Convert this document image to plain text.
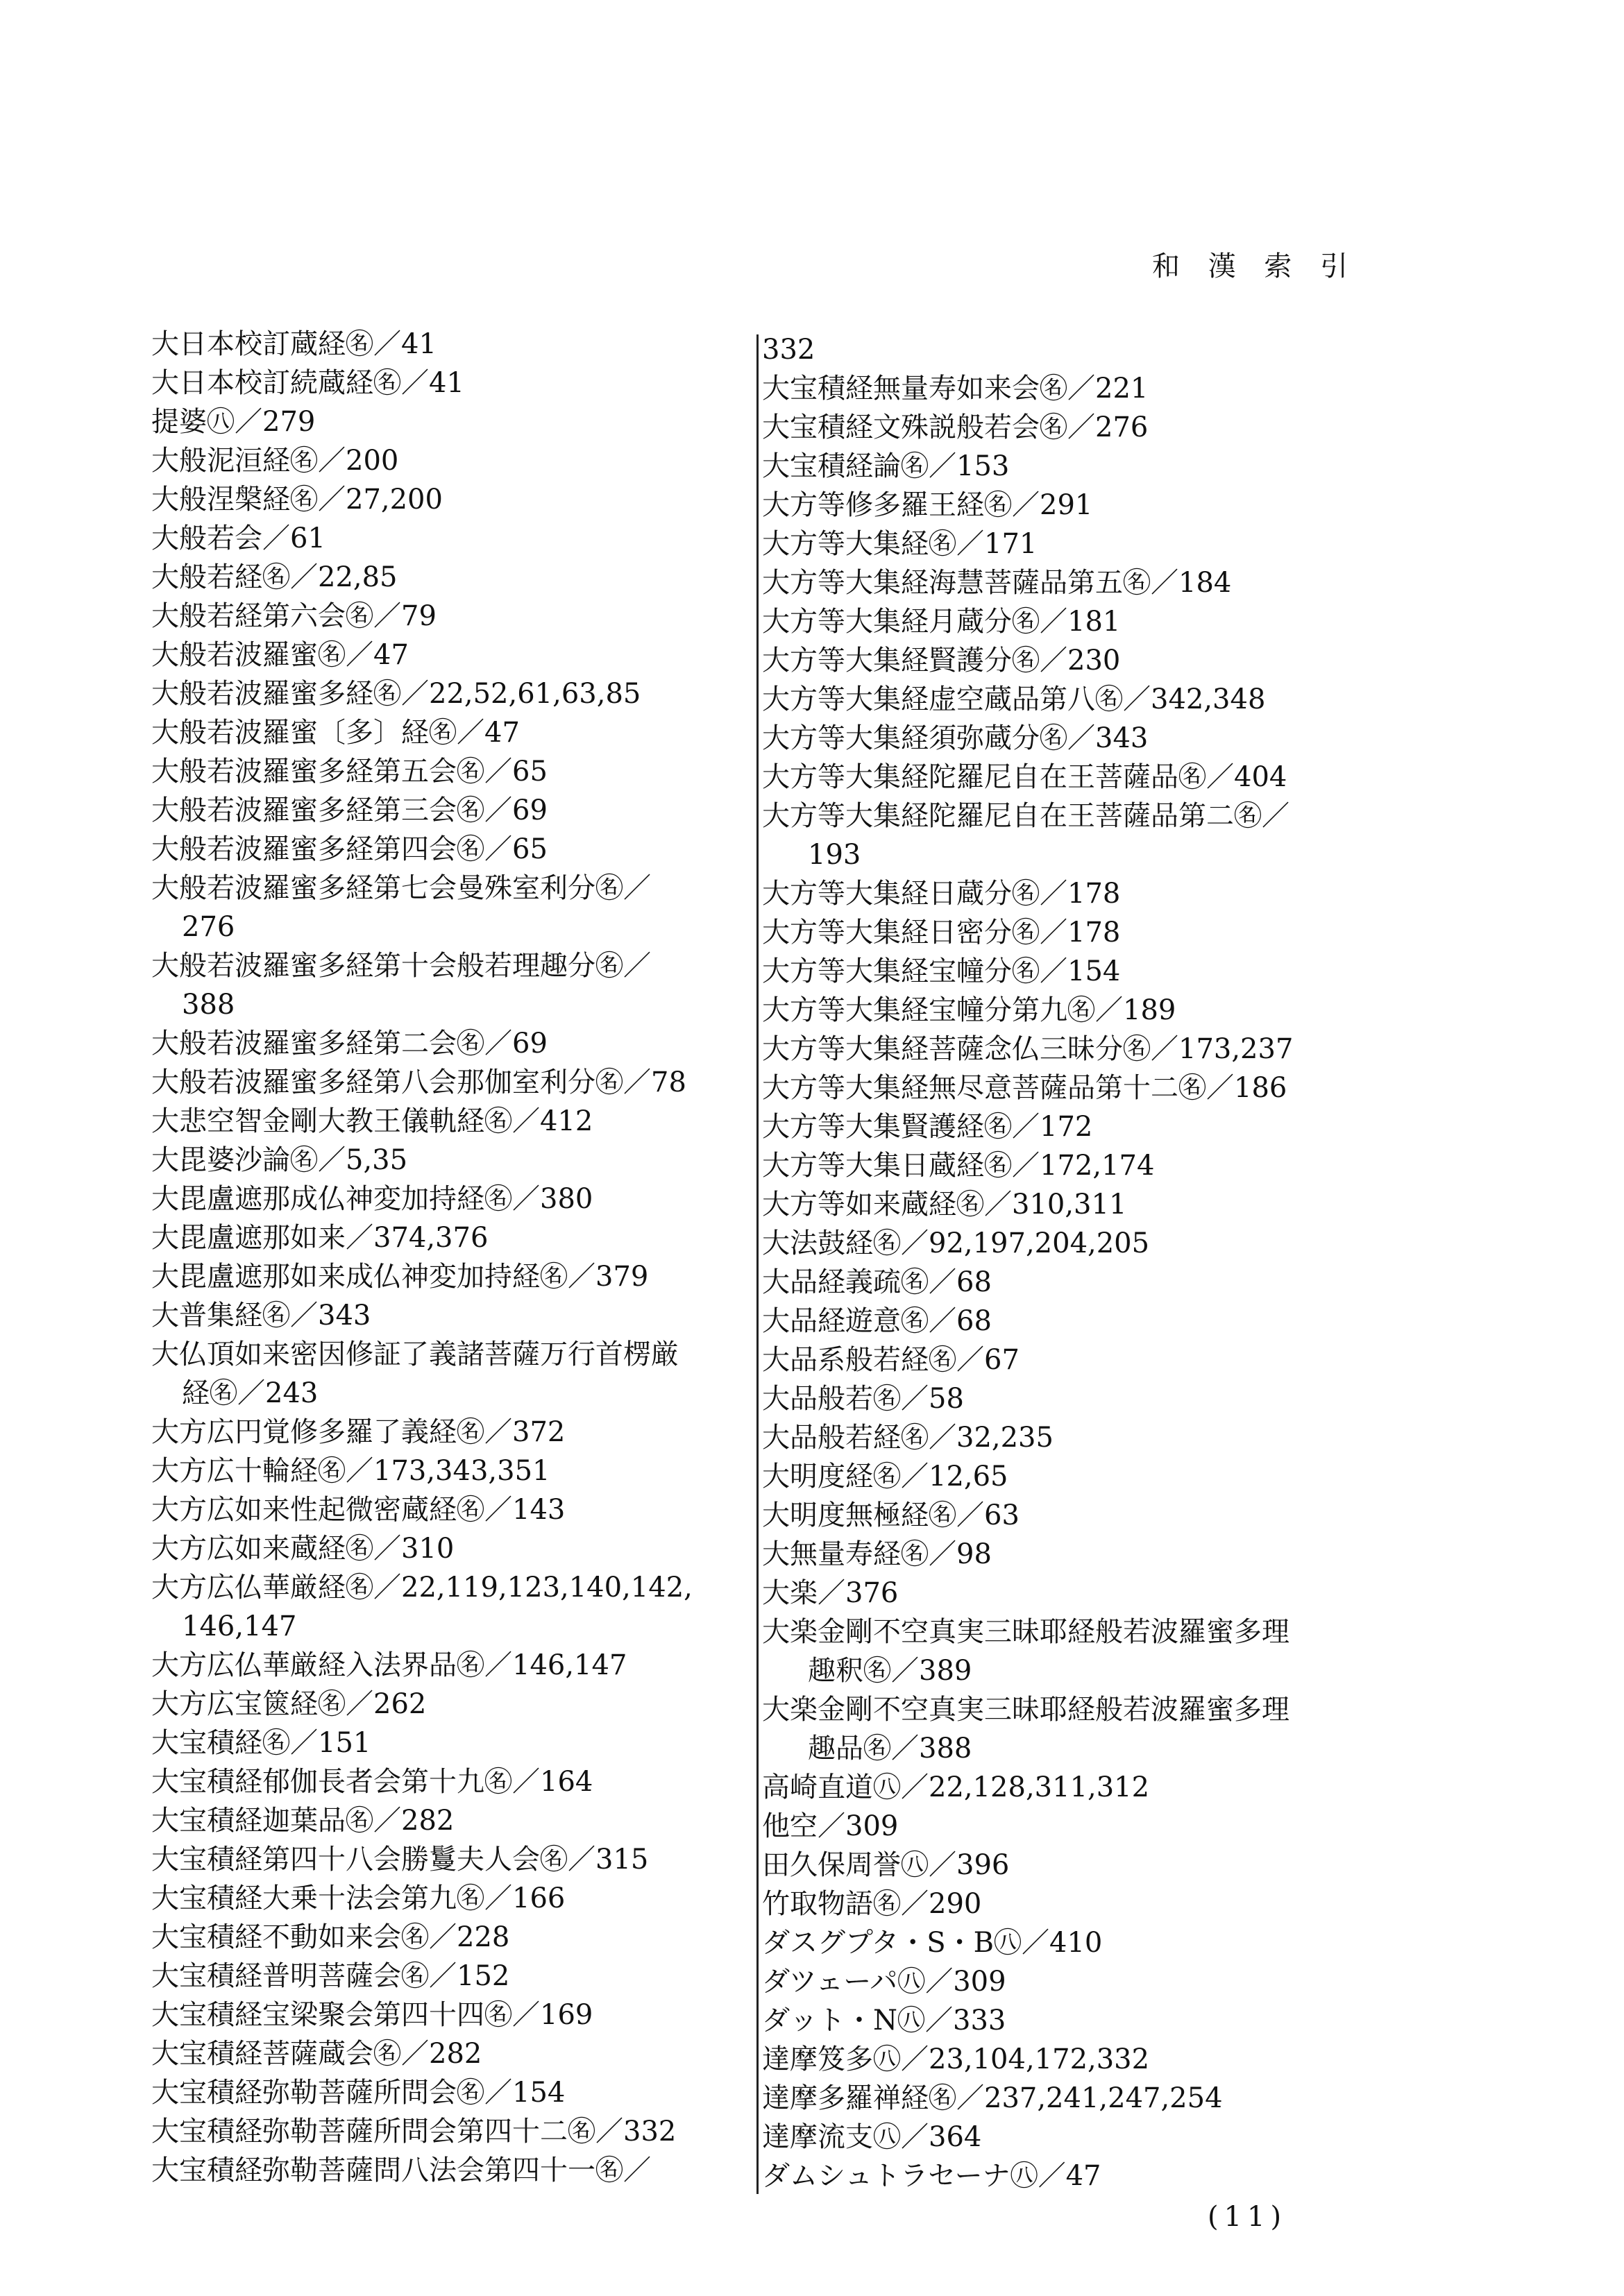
和 漢 索 引
大日本校訂蔵経㊔／41
大日本校訂続蔵経㊔／41
提婆㊇／279
大般泥洹経㊔／200
大般涅槃経㊔／27,200
大般若会／61
大般若経㊔／22,85
大般若経第六会㊔／79
大般若波羅蜜㊔／47
大般若波羅蜜多経㊔／22,52,61,63,85
大般若波羅蜜〔多〕経㊔／47
大般若波羅蜜多経第五会㊔／65
大般若波羅蜜多経第三会㊔／69
大般若波羅蜜多経第四会㊔／65
大般若波羅蜜多経第七会曼殊室利分㊔／
276
大般若波羅蜜多経第十会般若理趣分㊔／
388
大般若波羅蜜多経第二会㊔／69
大般若波羅蜜多経第八会那伽室利分㊔／78
大悲空智金剛大教王儀軌経㊔／412
大毘婆沙論㊔／5,35
大毘盧遮那成仏神変加持経㊔／380
大毘盧遮那如来／374,376
大毘盧遮那如来成仏神変加持経㊔／379
大普集経㊔／343
大仏頂如来密因修証了義諸菩薩万行首楞厳
経㊔／243
大方広円覚修多羅了義経㊔／372
大方広十輪経㊔／173,343,351
大方広如来性起微密蔵経㊔／143
大方広如来蔵経㊔／310
大方広仏華厳経㊔／22,119,123,140,142,
146,147
大方広仏華厳経入法界品㊔／146,147
大方広宝篋経㊔／262
大宝積経㊔／151
大宝積経郁伽長者会第十九㊔／164
大宝積経迦葉品㊔／282
大宝積経第四十八会勝鬘夫人会㊔／315
大宝積経大乗十法会第九㊔／166
大宝積経不動如来会㊔／228
大宝積経普明菩薩会㊔／152
大宝積経宝梁聚会第四十四㊔／169
大宝積経菩薩蔵会㊔／282
大宝積経弥勒菩薩所問会㊔／154
大宝積経弥勒菩薩所問会第四十二㊔／332
大宝積経弥勒菩薩問八法会第四十一㊔／
332
大宝積経無量寿如来会㊔／221
大宝積経文殊説般若会㊔／276
大宝積経論㊔／153
大方等修多羅王経㊔／291
大方等大集経㊔／171
大方等大集経海慧菩薩品第五㊔／184
大方等大集経月蔵分㊔／181
大方等大集経賢護分㊔／230
大方等大集経虚空蔵品第八㊔／342,348
大方等大集経須弥蔵分㊔／343
大方等大集経陀羅尼自在王菩薩品㊔／404
大方等大集経陀羅尼自在王菩薩品第二㊔／
193
大方等大集経日蔵分㊔／178
大方等大集経日密分㊔／178
大方等大集経宝幢分㊔／154
大方等大集経宝幢分第九㊔／189
大方等大集経菩薩念仏三昧分㊔／173,237
大方等大集経無尽意菩薩品第十二㊔／186
大方等大集賢護経㊔／172
大方等大集日蔵経㊔／172,174
大方等如来蔵経㊔／310,311
大法鼓経㊔／92,197,204,205
大品経義疏㊔／68
大品経遊意㊔／68
大品系般若経㊔／67
大品般若㊔／58
大品般若経㊔／32,235
大明度経㊔／12,65
大明度無極経㊔／63
大無量寿経㊔／98
大楽／376
大楽金剛不空真実三昧耶経般若波羅蜜多理
趣釈㊔／389
大楽金剛不空真実三昧耶経般若波羅蜜多理
趣品㊔／388
高崎直道㊇／22,128,311,312
他空／309
田久保周誉㊇／396
竹取物語㊔／290
ダスグプタ・S・B㊇／410
ダツェーパ㊇／309
ダット・N㊇／333
達摩笈多㊇／23,104,172,332
達摩多羅禅経㊔／237,241,247,254
達摩流支㊇／364
ダムシュトラセーナ㊇／47
(11)
